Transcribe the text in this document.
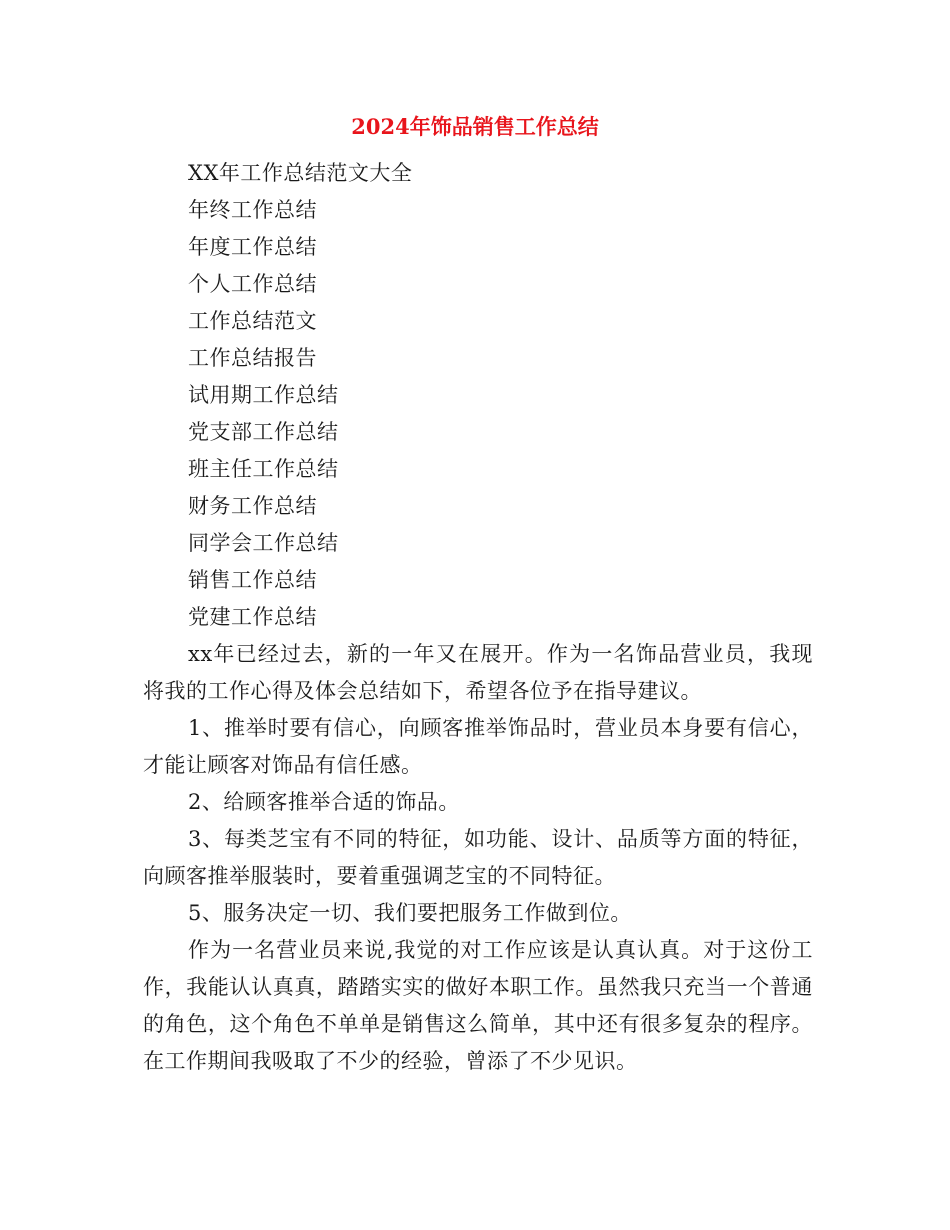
2024年饰品销售工作总结
XX年工作总结范文大全
年终工作总结
年度工作总结
个人工作总结
工作总结范文
工作总结报告
试用期工作总结
党支部工作总结
班主任工作总结
财务工作总结
同学会工作总结
销售工作总结
党建工作总结

xx年已经过去，新的一年又在展开。作为一名饰品营业员，我现将我的工作心得及体会总结如下，希望各位予在指导建议。

1、推举时要有信心，向顾客推举饰品时，营业员本身要有信心，才能让顾客对饰品有信任感。

2、给顾客推举合适的饰品。

3、每类芝宝有不同的特征，如功能、设计、品质等方面的特征，向顾客推举服装时，要着重强调芝宝的不同特征。

5、服务决定一切、我们要把服务工作做到位。

作为一名营业员来说,我觉的对工作应该是认真认真。对于这份工作，我能认认真真，踏踏实实的做好本职工作。虽然我只充当一个普通的角色，这个角色不单单是销售这么简单，其中还有很多复杂的程序。在工作期间我吸取了不少的经验，曾添了不少见识。
